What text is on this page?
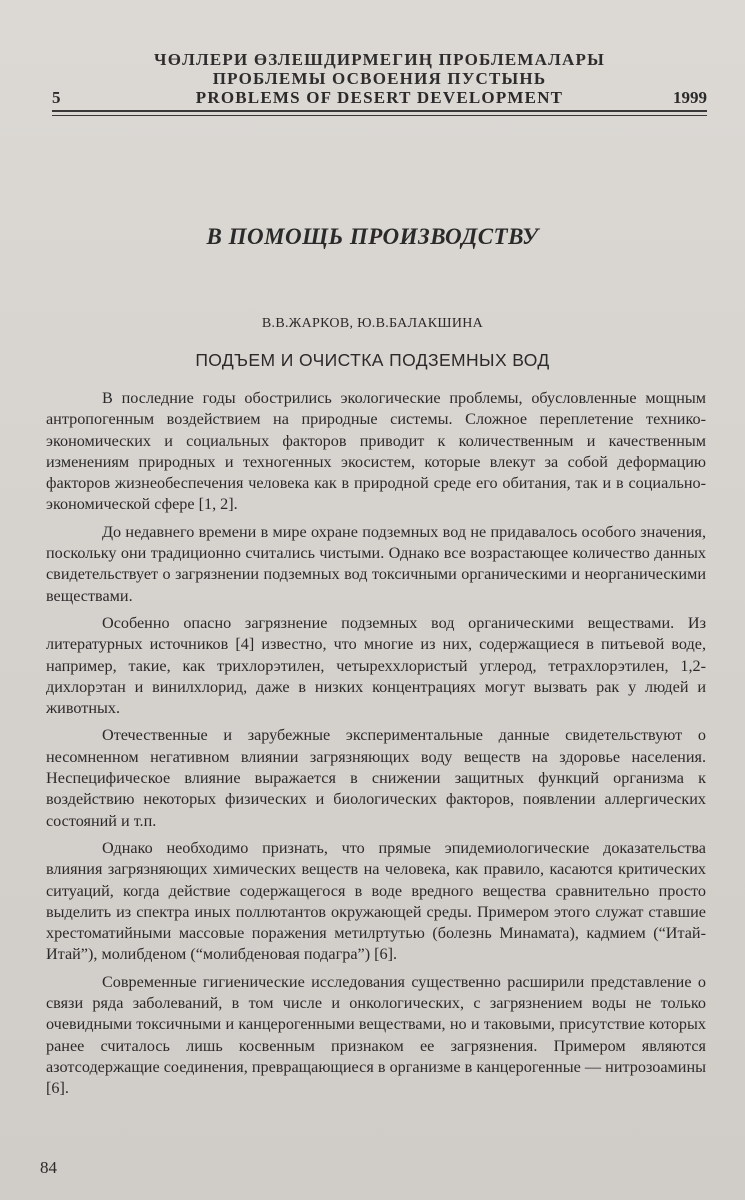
ЧӨЛЛЕРИ ӨЗЛЕШДИРМЕГИҢ ПРОБЛЕМАЛАРЫ
ПРОБЛЕМЫ ОСВОЕНИЯ ПУСТЫНЬ
5	PROBLEMS OF DESERT DEVELOPMENT	1999
В ПОМОЩЬ ПРОИЗВОДСТВУ
В.В.ЖАРКОВ, Ю.В.БАЛАКШИНА
ПОДЪЕМ И ОЧИСТКА ПОДЗЕМНЫХ ВОД

В последние годы обострились экологические проблемы, обусловленные мощным антропогенным воздействием на природные системы. Сложное переплетение технико-экономических и социальных факторов приводит к количественным и качественным изменениям природных и техногенных экосистем, которые влекут за собой деформацию факторов жизнеобеспечения человека как в природной среде его обитания, так и в социально-экономической сфере [1, 2].

До недавнего времени в мире охране подземных вод не придавалось особого значения, поскольку они традиционно считались чистыми. Однако все возрастающее количество данных свидетельствует о загрязнении подземных вод токсичными органическими и неорганическими веществами.

Особенно опасно загрязнение подземных вод органическими веществами. Из литературных источников [4] известно, что многие из них, содержащиеся в питьевой воде, например, такие, как трихлорэтилен, четыреххлористый углерод, тетрахлорэтилен, 1,2-дихлорэтан и винилхлорид, даже в низких концентрациях могут вызвать рак у людей и животных.

Отечественные и зарубежные экспериментальные данные свидетельствуют о несомненном негативном влиянии загрязняющих воду веществ на здоровье населения. Неспецифическое влияние выражается в снижении защитных функций организма к воздействию некоторых физических и биологических факторов, появлении аллергических состояний и т.п.

Однако необходимо признать, что прямые эпидемиологические доказательства влияния загрязняющих химических веществ на человека, как правило, касаются критических ситуаций, когда действие содержащегося в воде вредного вещества сравнительно просто выделить из спектра иных поллютантов окружающей среды. Примером этого служат ставшие хрестоматийными массовые поражения метилртутью (болезнь Минамата), кадмием (“Итай-Итай”), молибденом (“молибденовая подагра”) [6].

Современные гигиенические исследования существенно расширили представление о связи ряда заболеваний, в том числе и онкологических, с загрязнением воды не только очевидными токсичными и канцерогенными веществами, но и таковыми, присутствие которых ранее считалось лишь косвенным признаком ее загрязнения. Примером являются азотсодержащие соединения, превращающиеся в организме в канцерогенные — нитрозоамины [6].

84
